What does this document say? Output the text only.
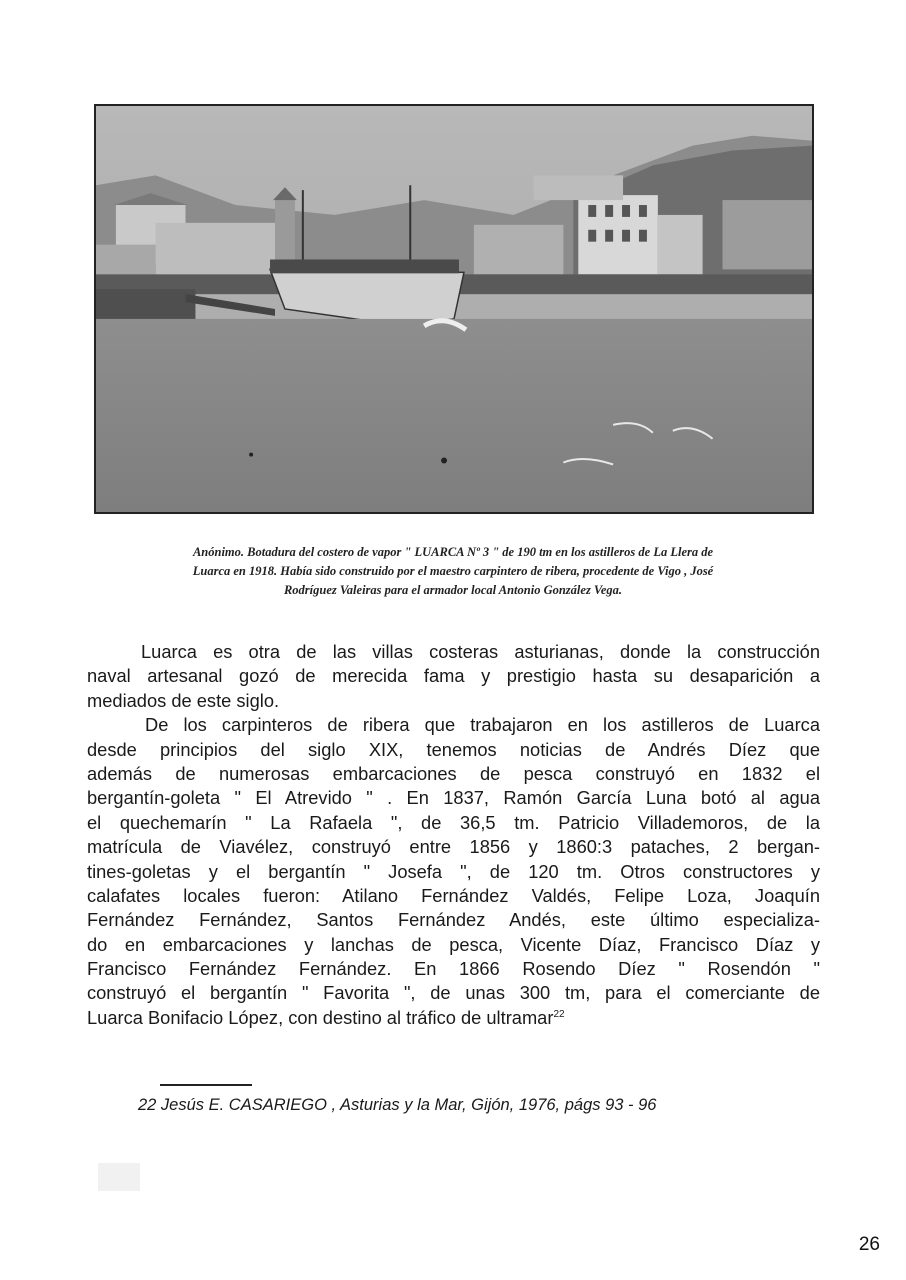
Anónimo. Botadura del costero de vapor " LUARCA Nº 3 " de 190 tm en los astilleros de La Llera de
Luarca en 1918. Había sido construido por el maestro carpintero de ribera, procedente de Vigo , José
Rodríguez Valeiras para el armador local Antonio González Vega.
Luarca es otra de las villas costeras asturianas, donde la construcción
naval artesanal gozó de merecida fama y prestigio hasta su desaparición a
mediados de este siglo.
De los carpinteros de ribera que trabajaron en los astilleros de Luarca
desde principios del siglo XIX, tenemos noticias de Andrés Díez que
además de numerosas embarcaciones de pesca construyó en 1832 el
bergantín-goleta " El Atrevido " . En 1837, Ramón García Luna botó al agua
el quechemarín " La Rafaela ", de 36,5 tm. Patricio Villademoros, de la
matrícula de Viavélez, construyó entre 1856 y 1860:3 pataches, 2 bergan-
tines-goletas y el bergantín " Josefa ", de 120 tm. Otros constructores y
calafates locales fueron: Atilano Fernández Valdés, Felipe Loza, Joaquín
Fernández Fernández, Santos Fernández Andés, este último especializa-
do en embarcaciones y lanchas de pesca, Vicente Díaz, Francisco Díaz y
Francisco Fernández Fernández. En 1866 Rosendo Díez " Rosendón "
construyó el bergantín " Favorita ", de unas 300 tm, para el comerciante de
Luarca Bonifacio López, con destino al tráfico de ultramar$^{22}$
22 Jesús E. CASARIEGO , Asturias y la Mar, Gijón, 1976, págs 93 - 96
26
